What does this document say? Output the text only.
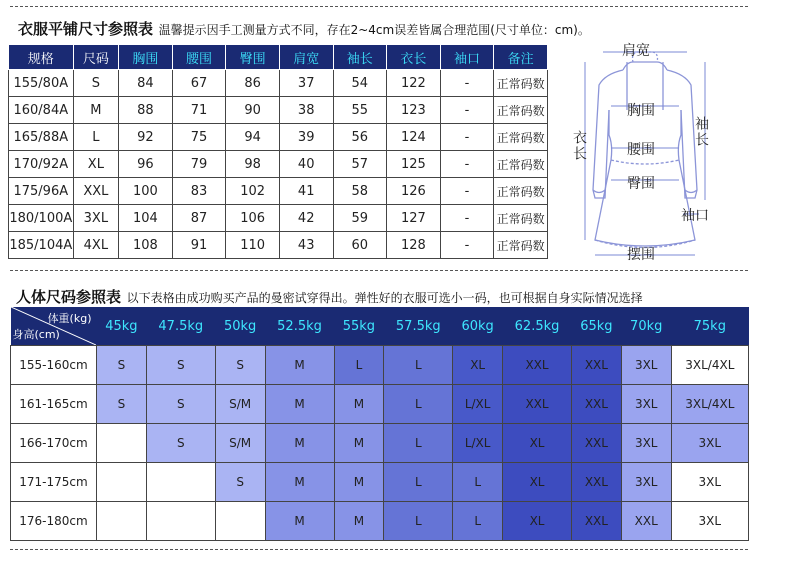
衣服平铺尺寸参照表 温馨提示因手工测量方式不同，存在2~4cm误差皆属合理范围(尺寸单位：cm)。
规格	尺码	胸围	腰围	臀围	肩宽	袖长	衣长	袖口	备注
155/80A	S	84	67	86	37	54	122	-	正常码数
160/84A	M	88	71	90	38	55	123	-	正常码数
165/88A	L	92	75	94	39	56	124	-	正常码数
170/92A	XL	96	79	98	40	57	125	-	正常码数
175/96A	XXL	100	83	102	41	58	126	-	正常码数
180/100A	3XL	104	87	106	42	59	127	-	正常码数
185/104A	4XL	108	91	110	43	60	128	-	正常码数
肩宽
衣长	袖长
胸围
腰围
臀围
袖口
摆围
人体尺码参照表 以下表格由成功购买产品的曼密试穿得出。弹性好的衣服可选小一码，也可根据自身实际情况选择
体重(kg)
身高(cm)	45kg	47.5kg	50kg	52.5kg	55kg	57.5kg	60kg	62.5kg	65kg	70kg	75kg
155-160cm	S	S	S	M	L	L	XL	XXL	XXL	3XL	3XL/4XL
161-165cm	S	S	S/M	M	M	L	L/XL	XXL	XXL	3XL	3XL/4XL
166-170cm		S	S/M	M	M	L	L/XL	XL	XXL	3XL	3XL
171-175cm			S	M	M	L	L	XL	XXL	3XL	3XL
176-180cm				M	M	L	L	XL	XXL	XXL	3XL
